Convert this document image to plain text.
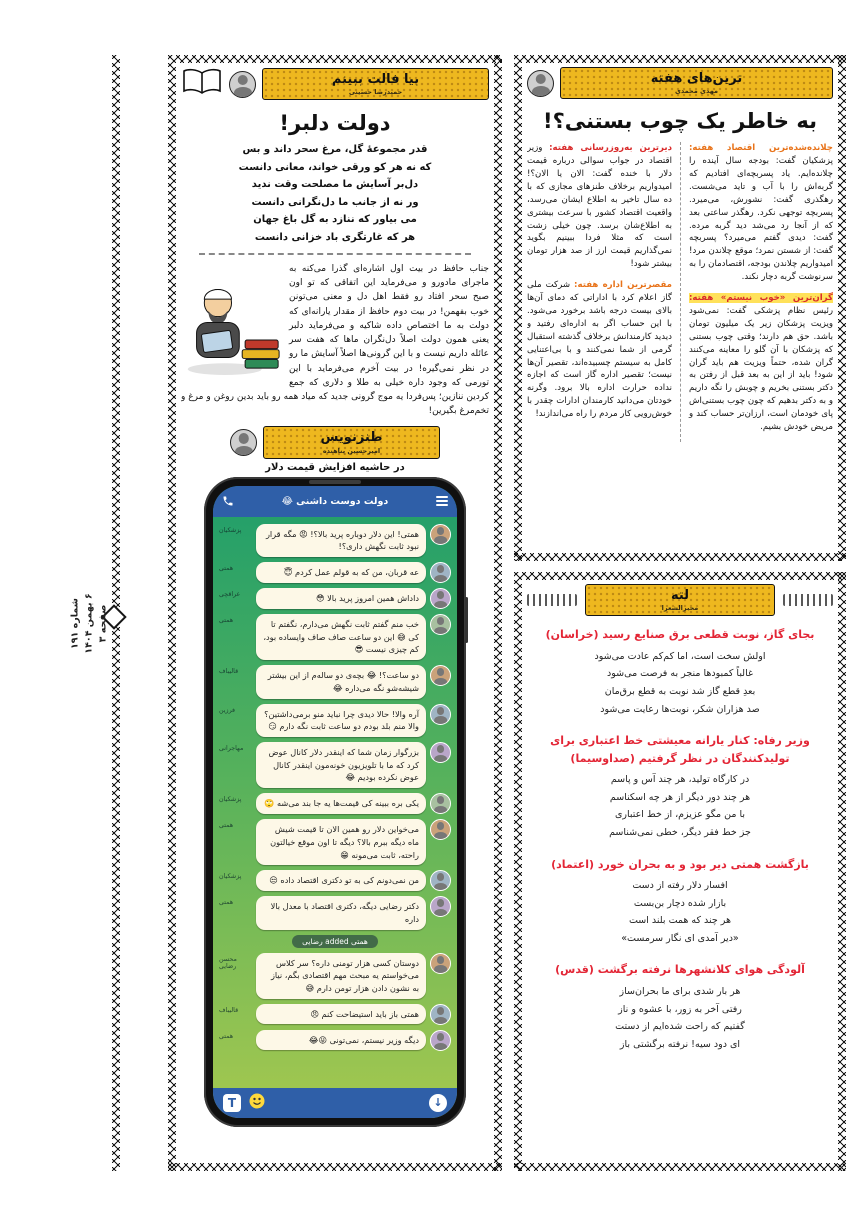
صفحه ۳
۶ بهمن ۱۴۰۴
شماره ۱۹۱
بیا فالت ببینم
حمیدرضا حسینی
دولت دلبر!
قدر مجموعهٔ گل، مرغ سحر داند و بس
که نه هر کو ورقی خواند، معانی دانست
دل‌بر آسایش ما مصلحت وقت ندید
ور نه از جانب ما دل‌نگرانی دانست
می بیاور که ننازد به گل باغ جهان
هر که غارتگری باد خزانی دانست
جناب حافظ در بیت اول اشاره‌ای گذرا می‌کنه به ماجرای مادورو و می‌فرماید این اتفاقی که تو اون صبح سحر افتاد رو فقط اهل دل و معنی می‌تونن خوب بفهمن! در بیت دوم حافظ از مقدار یارانه‌ای که دولت به ما اختصاص داده شاکیه و می‌فرماید دلبر یعنی همون دولت اصلاً دل‌نگران ماها که هفت سر عائله داریم نیست و با این گرونی‌ها اصلاً آسایش ما رو در نظر نمی‌گیره! در بیت آخرم می‌فرماید با این تورمی که وجود داره خیلی به طلا و دلاری که جمع کردین ننازین؛ پس‌فردا یه موج گرونی جدید که میاد همه رو باید بدین روغن و مرغ و تخم‌مرغ بگیرین!
طنزنویس
امیرحسین پناهنده
در حاشیه افزایش قیمت دلار
دولت دوست داشنی 😂
همتی! این دلار دوباره پرید بالا؟! 😡 مگه قرار نبود ثابت نگهش داری؟!
پزشکیان
عه قربان، من که به قولم عمل کردم 😇
همتی
داداش همین امروز پرید بالا 😳
عراقچی
خب منم گفتم ثابت نگهش می‌دارم، نگفتم تا کی 😅 این دو ساعت صاف صاف وایساده بود، کم چیزی نیست 😎
همتی
دو ساعت؟! 😂 بچه‌ی دو ساله‌م از این بیشتر شیشه‌شو نگه می‌داره 😂
قالیباف
آره والا! حالا دیدی چرا نباید منو برمی‌داشتین؟ والا منم بلد بودم دو ساعت ثابت نگه دارم 😏
فرزین
بزرگوار زمان شما که اینقدر دلار کانال عوض کرد که ما با تلویزیون خونه‌مون اینقدر کانال عوض نکرده بودیم 😂
مهاجرانی
یکی بره ببینه کی قیمت‌ها یه جا بند می‌شه 🙄
پزشکیان
می‌خواین دلار رو همین الان تا قیمت شیش ماه دیگه ببرم بالا؟ دیگه تا اون موقع خیالتون راحته، ثابت می‌مونه 😁
همتی
من نمی‌دونم کی به تو دکتری اقتصاد داده 😒
پزشکیان
دکتر رضایی دیگه، دکتری اقتصاد با معدل بالا داره
همتی
همتی added رضایی
دوستان کسی هزار تومنی داره؟ سر کلاس می‌خواستم یه مبحث مهم اقتصادی بگم، نیاز به نشون دادن هزار تومن دارم 😅
محسن رضایی
همتی باز باید استیضاحت کنم 😠
قالیباف
دیگه وزیر نیستم، نمی‌تونی 😜😂
همتی
T	↓
ترین‌های هفته
مهدی محمدی
به خاطر یک چوب بستنی؟!

چلانده‌شده‌ترین اقتصاد هفته: پزشکیان گفت: بودجه سال آینده را چلانده‌ایم. یاد پسربچه‌ای افتادیم که گربه‌اش را با آب و تاید می‌شست. رهگذری گفت: نشورش، می‌میرد. پسربچه توجهی نکرد. رهگذر ساعتی بعد که از آنجا رد می‌شد دید گربه مرده. گفت: دیدی گفتم می‌میرد؟ پسربچه گفت: از شستن نمرد؛ موقع چلاندن مرد! امیدواریم چلاندن بودجه، اقتصادمان را به سرنوشت گربه دچار نکند.

گران‌ترین «خوب نیستم» هفته: رئیس نظام پزشکی گفت: نمی‌شود ویزیت پزشکان زیر یک میلیون تومان باشد. حق هم دارند؛ وقتی چوب بستنی که پزشکان با آن گلو را معاینه می‌کنند گران شده، حتماً ویزیت هم باید گران شود! باید از این به بعد قبل از رفتن به دکتر بستنی بخریم و چوبش را نگه داریم و به دکتر بدهیم که چون چوب بستنی‌اش پای خودمان است، ارزان‌تر حساب کند و مریض خودش بشیم.

دیرترین به‌روزرسانی هفته: وزیر اقتصاد در جواب سوالی درباره قیمت دلار با خنده گفت: الان یا الان؟! امیدواریم برخلاف طنزهای مجازی که با ده سال تاخیر به اطلاع ایشان می‌رسد، واقعیت اقتصاد کشور با سرعت بیشتری به اطلاع‌شان برسد. چون خیلی زشت است که مثلا فردا ببینیم بگوید نمی‌گذاریم قیمت ارز از صد هزار تومان بیشتر شود!

مقصرترین اداره هفته: شرکت ملی گاز اعلام کرد با اداراتی که دمای آن‌ها بالای بیست درجه باشد برخورد می‌شود. با این حساب اگر به اداره‌ای رفتید و دیدید کارمندانش برخلاف گذشته استقبال گرمی از شما نمی‌کنند و با بی‌اعتنایی کامل به سیستم چسبیده‌اند، تقصیر آن‌ها نیست؛ تقصیر اداره گاز است که اجازه نداده حرارت اداره بالا برود. وگرنه خودتان می‌دانید کارمندان ادارات چقدر با خوش‌رویی کار مردم را راه می‌اندازند!

لته
محبرالشعرا
بجای گاز، نوبت قطعی برق صنایع رسید (خراسان)
اولش سخت است، اما کم‌کم عادت می‌شود
غالباً کمبودها منجر به فرصت می‌شود
بعدِ قطع گاز شد نوبت به قطع برق‌مان
صد هزاران شکر، نوبت‌ها رعایت می‌شود
وزیر رفاه: کنار یارانه معیشتی خط اعتباری برای تولیدکنندگان در نظر گرفتیم (صداوسیما)
در کارگاه تولید، هر چند آس و پاسم
هر چند دور دیگر از هر چه اسکناسم
با من مگو عزیزم، از خط اعتباری
جز خط فقر دیگر، خطی نمی‌شناسم
بازگشت همتی دیر بود و به بحران خورد (اعتماد)
افسار دلار رفته از دست
بازار شده دچار بن‌بست
هر چند که همت بلند است
«دیر آمدی ای نگار سرمست»
آلودگی هوای کلانشهرها نرفته برگشت (قدس)
هر بار شدی برای ما بحران‌ساز
رفتی آخر به زور، با عشوه و ناز
گفتیم که راحت شده‌ایم از دستت
ای دود سیه! نرفته برگشتی باز
